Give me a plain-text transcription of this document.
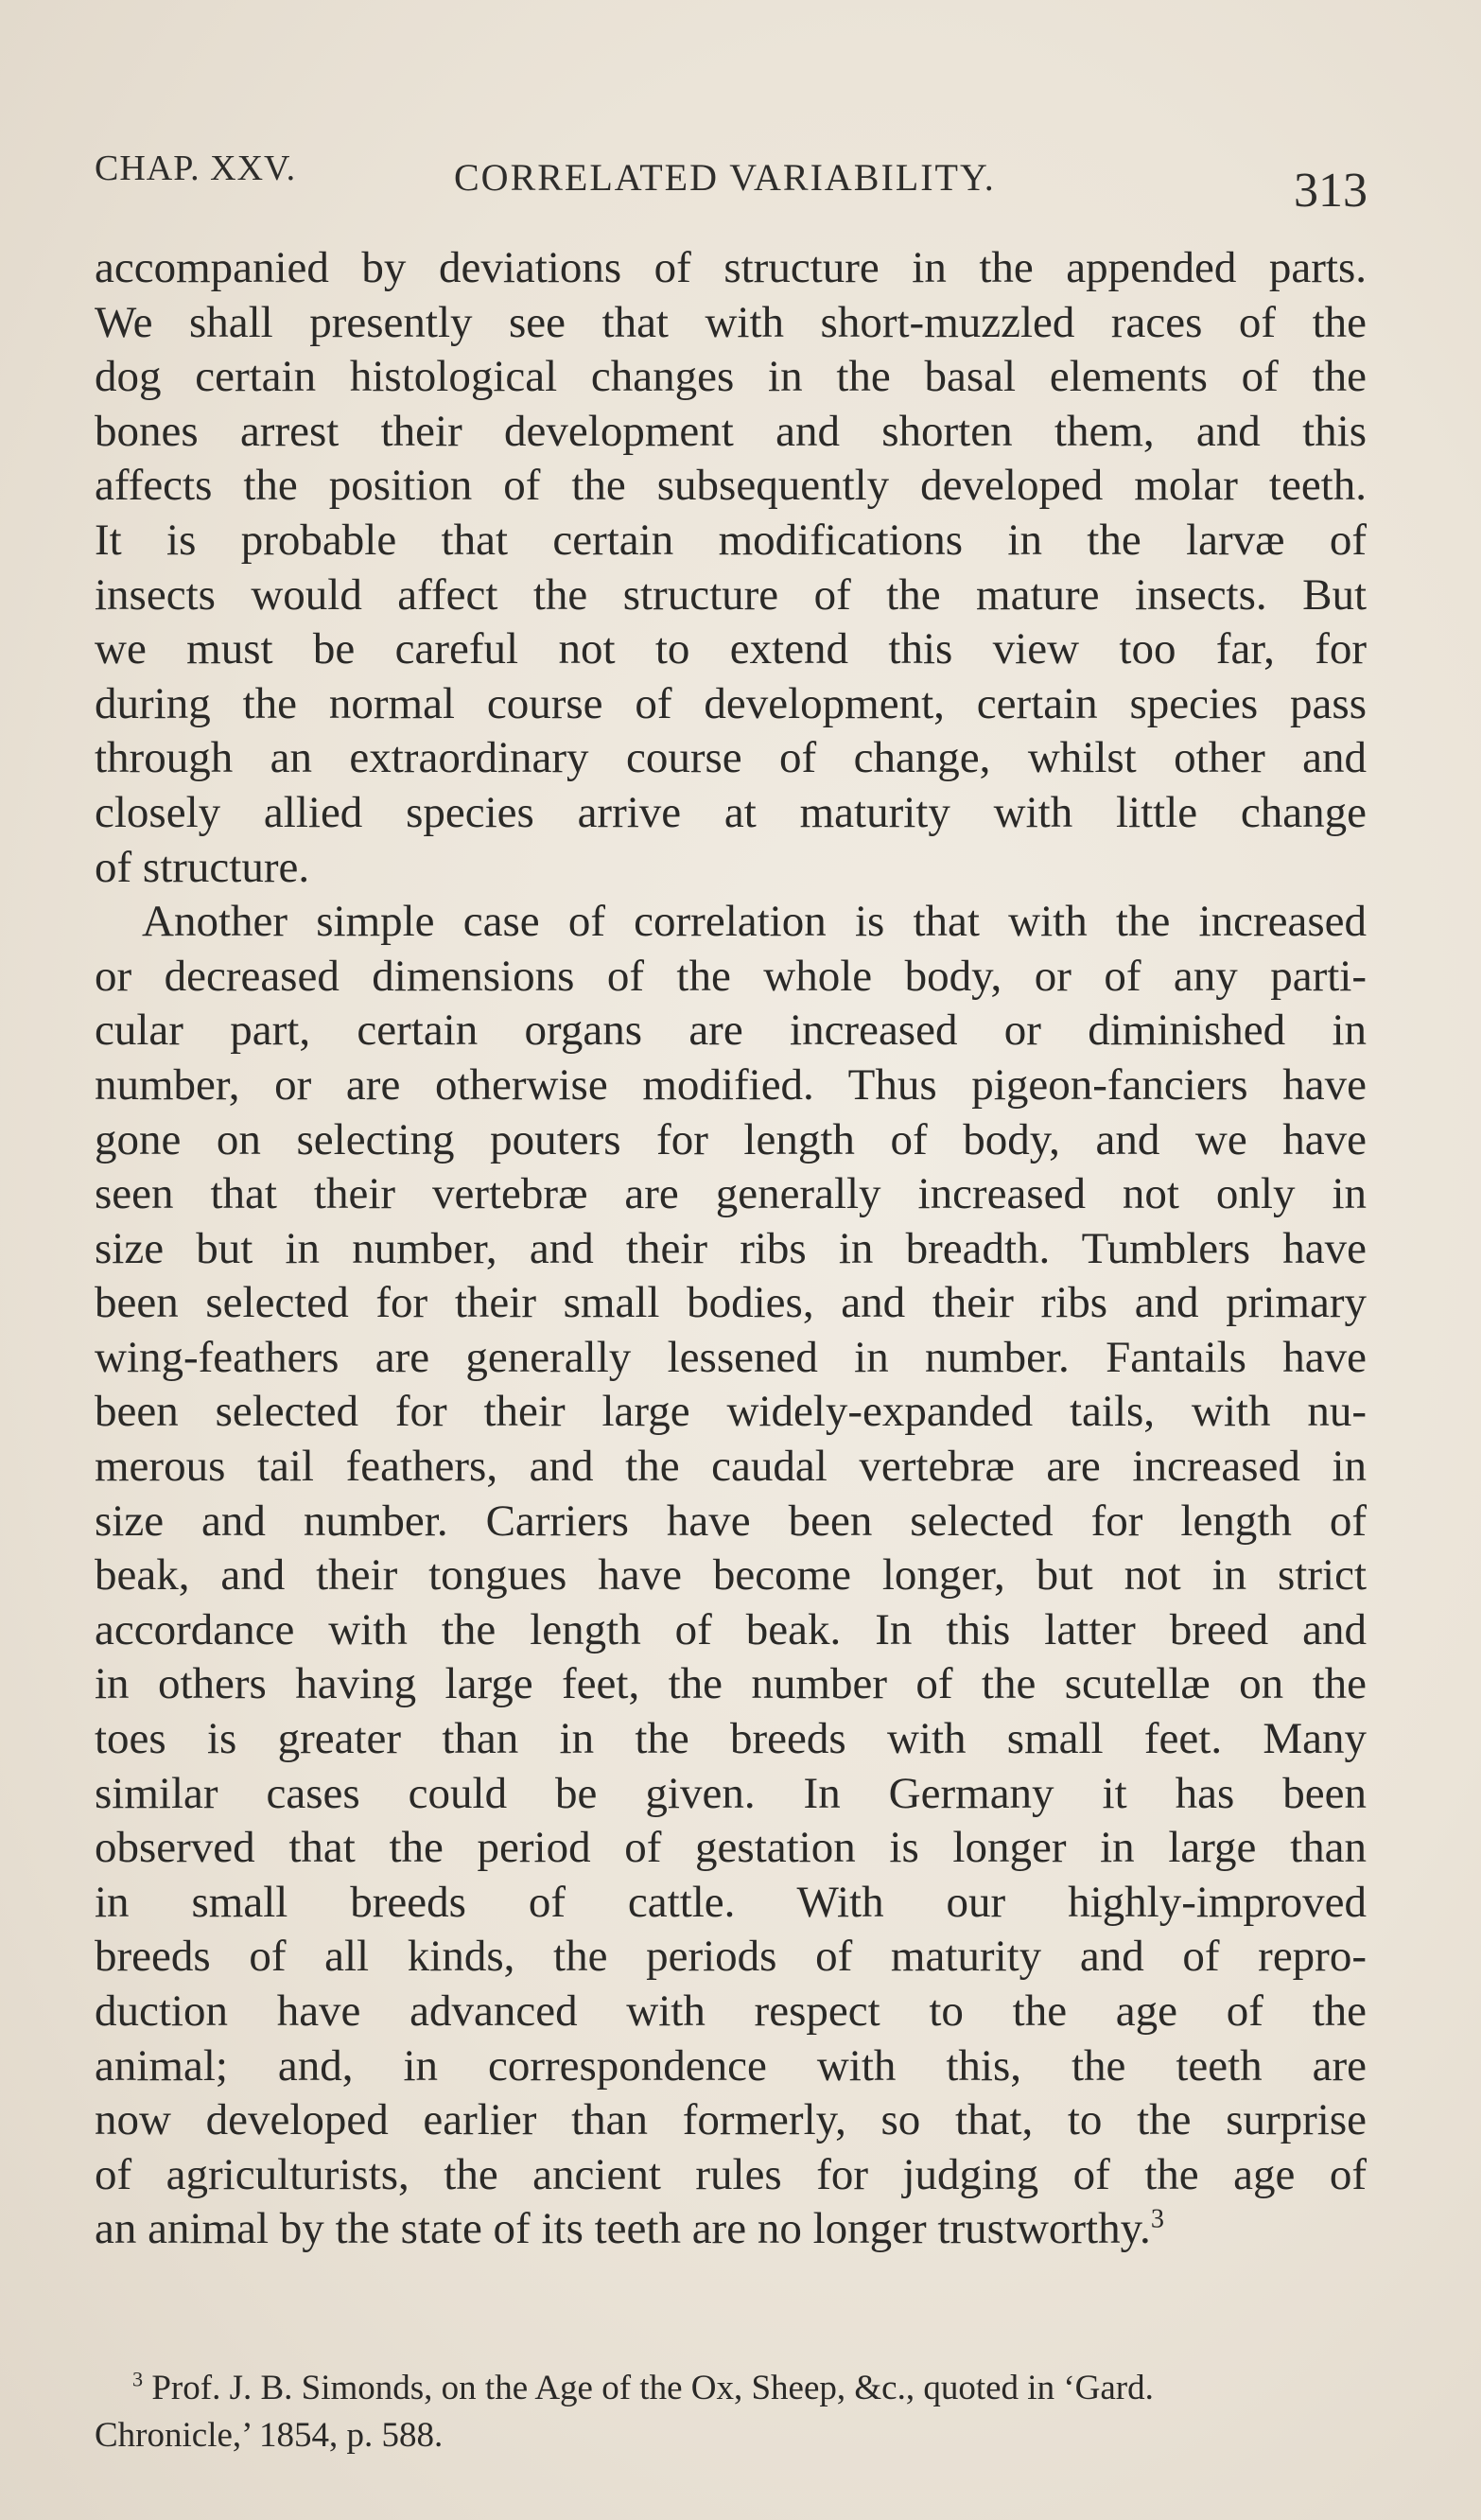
CHAP. XXV.	CORRELATED VARIABILITY.	313
accompanied by deviations of structure in the appended parts.
We shall presently see that with short-muzzled races of the
dog certain histological changes in the basal elements of the
bones arrest their development and shorten them, and this
affects the position of the subsequently developed molar teeth.
It is probable that certain modifications in the larvæ of
insects would affect the structure of the mature insects. But
we must be careful not to extend this view too far, for
during the normal course of development, certain species pass
through an extraordinary course of change, whilst other and
closely allied species arrive at maturity with little change
of structure.
Another simple case of correlation is that with the increased
or decreased dimensions of the whole body, or of any parti-
cular part, certain organs are increased or diminished in
number, or are otherwise modified. Thus pigeon-fanciers have
gone on selecting pouters for length of body, and we have
seen that their vertebræ are generally increased not only in
size but in number, and their ribs in breadth. Tumblers have
been selected for their small bodies, and their ribs and primary
wing-feathers are generally lessened in number. Fantails have
been selected for their large widely-expanded tails, with nu-
merous tail feathers, and the caudal vertebræ are increased in
size and number. Carriers have been selected for length of
beak, and their tongues have become longer, but not in strict
accordance with the length of beak. In this latter breed and
in others having large feet, the number of the scutellæ on the
toes is greater than in the breeds with small feet. Many
similar cases could be given. In Germany it has been
observed that the period of gestation is longer in large than
in small breeds of cattle. With our highly-improved
breeds of all kinds, the periods of maturity and of repro-
duction have advanced with respect to the age of the
animal; and, in correspondence with this, the teeth are
now developed earlier than formerly, so that, to the surprise
of agriculturists, the ancient rules for judging of the age of
an animal by the state of its teeth are no longer trustworthy.$^3$
$^3$ Prof. J. B. Simonds, on the Age of the Ox, Sheep, &c., quoted in ‘Gard.
Chronicle,’ 1854, p. 588.
